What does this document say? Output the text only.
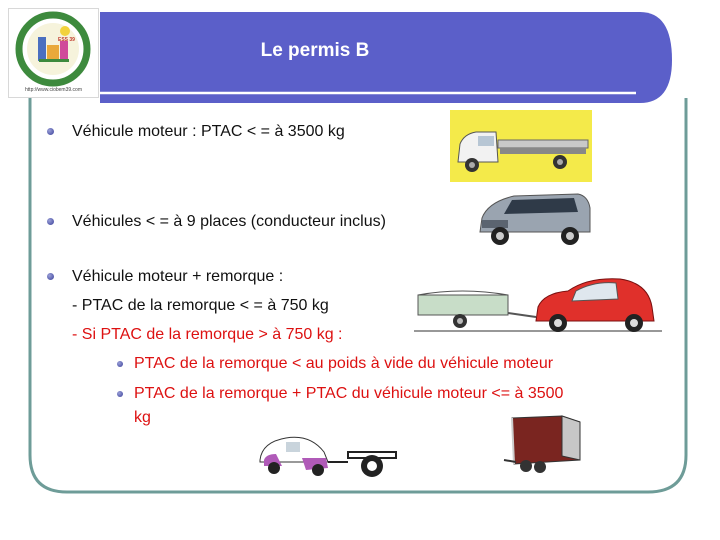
http://www.ciobem39.com
ESS 39	Le permis B
Véhicule moteur : PTAC < = à 3500 kg
Véhicules < = à 9 places (conducteur inclus)
Véhicule moteur + remorque :
- PTAC de la remorque < = à 750 kg
- Si PTAC de la remorque > à 750 kg :
PTAC de la remorque < au poids à vide du véhicule moteur
PTAC de la remorque + PTAC du véhicule moteur <= à 3500
kg
